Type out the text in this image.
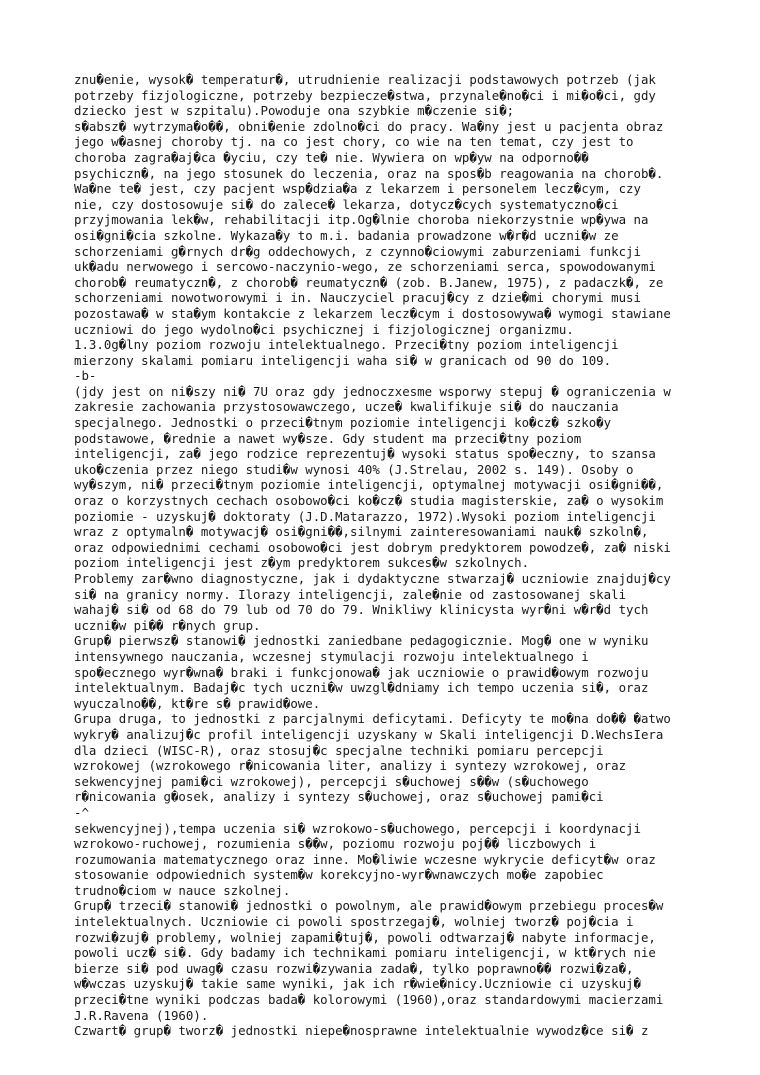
znu�enie, wysok� temperatur�, utrudnienie realizacji podstawowych potrzeb (jak
potrzeby fizjologiczne, potrzeby bezpiecze�stwa, przynale�no�ci i mi�o�ci, gdy
dziecko jest w szpitalu).Powoduje ona szybkie m�czenie si�;
s�absz� wytrzyma�o��, obni�enie zdolno�ci do pracy. Wa�ny jest u pacjenta obraz
jego w�asnej choroby tj. na co jest chory, co wie na ten temat, czy jest to
choroba zagra�aj�ca �yciu, czy te� nie. Wywiera on wp�yw na odporno��
psychiczn�, na jego stosunek do leczenia, oraz na spos�b reagowania na chorob�.
Wa�ne te� jest, czy pacjent wsp�dzia�a z lekarzem i personelem lecz�cym, czy
nie, czy dostosowuje si� do zalece� lekarza, dotycz�cych systematyczno�ci
przyjmowania lek�w, rehabilitacji itp.Og�lnie choroba niekorzystnie wp�ywa na
osi�gni�cia szkolne. Wykaza�y to m.i. badania prowadzone w�r�d uczni�w ze
schorzeniami g�rnych dr�g oddechowych, z czynno�ciowymi zaburzeniami funkcji
uk�adu nerwowego i sercowo-naczynio-wego, ze schorzeniami serca, spowodowanymi
chorob� reumatyczn�, z chorob� reumatyczn� (zob. B.Janew, 1975), z padaczk�, ze
schorzeniami nowotworowymi i in. Nauczyciel pracuj�cy z dzie�mi chorymi musi
pozostawa� w sta�ym kontakcie z lekarzem lecz�cym i dostosowywa� wymogi stawiane
uczniowi do jego wydolno�ci psychicznej i fizjologicznej organizmu.
1.3.0g�lny poziom rozwoju intelektualnego. Przeci�tny poziom inteligencji
mierzony skalami pomiaru inteligencji waha si� w granicach od 90 do 109.
-b-
(jdy jest on ni�szy ni� 7U oraz gdy jednoczxesme wsporwy stepuj � ograniczenia w
zakresie zachowania przystosowawczego, ucze� kwalifikuje si� do nauczania
specjalnego. Jednostki o przeci�tnym poziomie inteligencji ko�cz� szko�y
podstawowe, �rednie a nawet wy�sze. Gdy student ma przeci�tny poziom
inteligencji, za� jego rodzice reprezentuj� wysoki status spo�eczny, to szansa
uko�czenia przez niego studi�w wynosi 40% (J.Strelau, 2002 s. 149). Osoby o
wy�szym, ni� przeci�tnym poziomie inteligencji, optymalnej motywacji osi�gni��,
oraz o korzystnych cechach osobowo�ci ko�cz� studia magisterskie, za� o wysokim
poziomie - uzyskuj� doktoraty (J.D.Matarazzo, 1972).Wysoki poziom inteligencji
wraz z optymaln� motywacj� osi�gni��,silnymi zainteresowaniami nauk� szkoln�,
oraz odpowiednimi cechami osobowo�ci jest dobrym predyktorem powodze�, za� niski
poziom inteligencji jest z�ym predyktorem sukces�w szkolnych.
Problemy zar�wno diagnostyczne, jak i dydaktyczne stwarzaj� uczniowie znajduj�cy
si� na granicy normy. Ilorazy inteligencji, zale�nie od zastosowanej skali
wahaj� si� od 68 do 79 lub od 70 do 79. Wnikliwy klinicysta wyr�ni w�r�d tych
uczni�w pi�� r�nych grup.
Grup� pierwsz� stanowi� jednostki zaniedbane pedagogicznie. Mog� one w wyniku
intensywnego nauczania, wczesnej stymulacji rozwoju intelektualnego i
spo�ecznego wyr�wna� braki i funkcjonowa� jak uczniowie o prawid�owym rozwoju
intelektualnym. Badaj�c tych uczni�w uwzgl�dniamy ich tempo uczenia si�, oraz
wyuczalno��, kt�re s� prawid�owe.
Grupa druga, to jednostki z parcjalnymi deficytami. Deficyty te mo�na do�� �atwo
wykry� analizuj�c profil inteligencji uzyskany w Skali inteligencji D.WechsIera
dla dzieci (WISC-R), oraz stosuj�c specjalne techniki pomiaru percepcji
wzrokowej (wzrokowego r�nicowania liter, analizy i syntezy wzrokowej, oraz
sekwencyjnej pami�ci wzrokowej), percepcji s�uchowej s��w (s�uchowego
r�nicowania g�osek, analizy i syntezy s�uchowej, oraz s�uchowej pami�ci
-^
sekwencyjnej),tempa uczenia si� wzrokowo-s�uchowego, percepcji i koordynacji
wzrokowo-ruchowej, rozumienia s��w, poziomu rozwoju poj�� liczbowych i
rozumowania matematycznego oraz inne. Mo�liwie wczesne wykrycie deficyt�w oraz
stosowanie odpowiednich system�w korekcyjno-wyr�wnawczych mo�e zapobiec
trudno�ciom w nauce szkolnej.
Grup� trzeci� stanowi� jednostki o powolnym, ale prawid�owym przebiegu proces�w
intelektualnych. Uczniowie ci powoli spostrzegaj�, wolniej tworz� poj�cia i
rozwi�zuj� problemy, wolniej zapami�tuj�, powoli odtwarzaj� nabyte informacje,
powoli ucz� si�. Gdy badamy ich technikami pomiaru inteligencji, w kt�rych nie
bierze si� pod uwag� czasu rozwi�zywania zada�, tylko poprawno�� rozwi�za�,
w�wczas uzyskuj� takie same wyniki, jak ich r�wie�nicy.Uczniowie ci uzyskuj�
przeci�tne wyniki podczas bada� kolorowymi (1960),oraz standardowymi macierzami
J.R.Ravena (1960).
Czwart� grup� tworz� jednostki niepe�nosprawne intelektualnie wywodz�ce si� z
